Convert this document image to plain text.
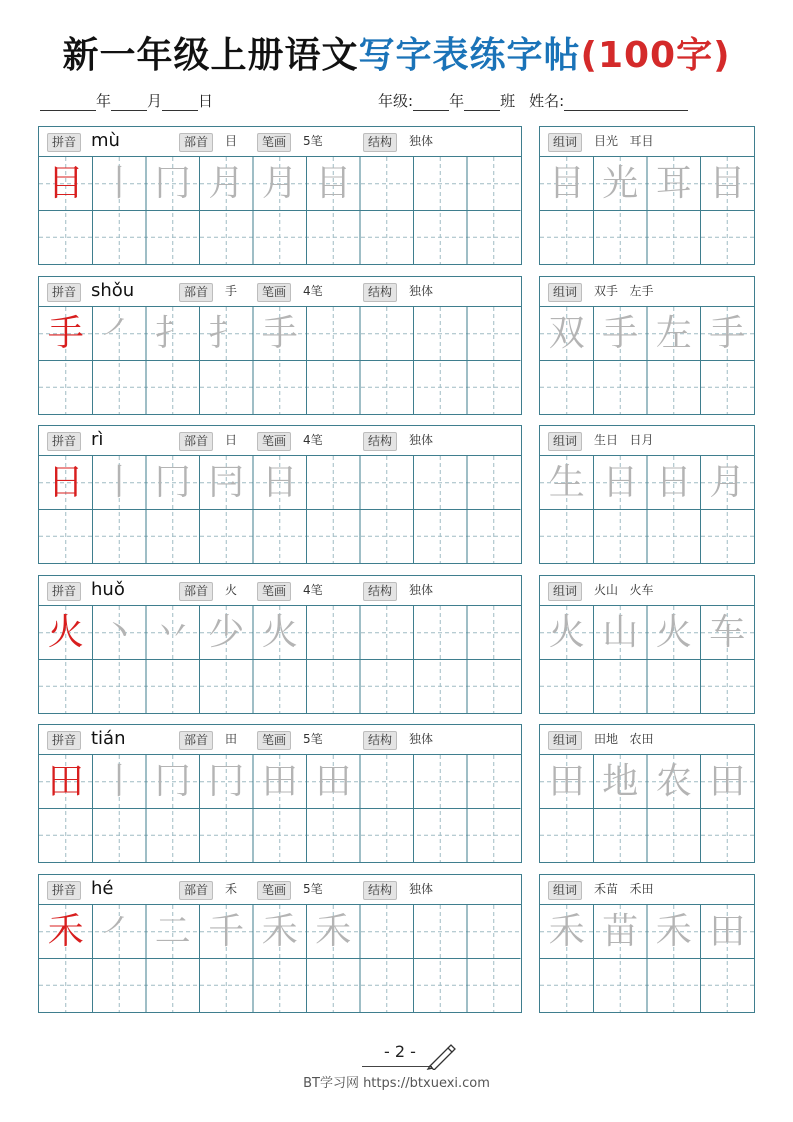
新一年级上册语文写字表练字帖(100字)
年 月 日	年级: 年 班 姓名:
拼音 mù	部首	目	笔画	5笔	结构	独体
目 丨 冂 月 月 目
组词	目光   耳目
目 光 耳 目
拼音 shǒu	部首	手	笔画	4笔	结构	独体
手 ㇒ ⺘ 扌 手
组词	双手   左手
双 手 左 手
拼音 rì	部首	日	笔画	4笔	结构	独体
日 丨 冂 冃 日
组词	生日   日月
生 日 日 月
拼音 huǒ	部首	火	笔画	4笔	结构	独体
火 丶 丷 少 火
组词	火山   火车
火 山 火 车
拼音 tián	部首	田	笔画	5笔	结构	独体
田 丨 冂 冂 田 田
组词	田地   农田
田 地 农 田
拼音 hé	部首	禾	笔画	5笔	结构	独体
禾 ㇒ 二 千 禾 禾
组词	禾苗   禾田
禾 苗 禾 田
- 2 -
BT学习网 https://btxuexi.com
